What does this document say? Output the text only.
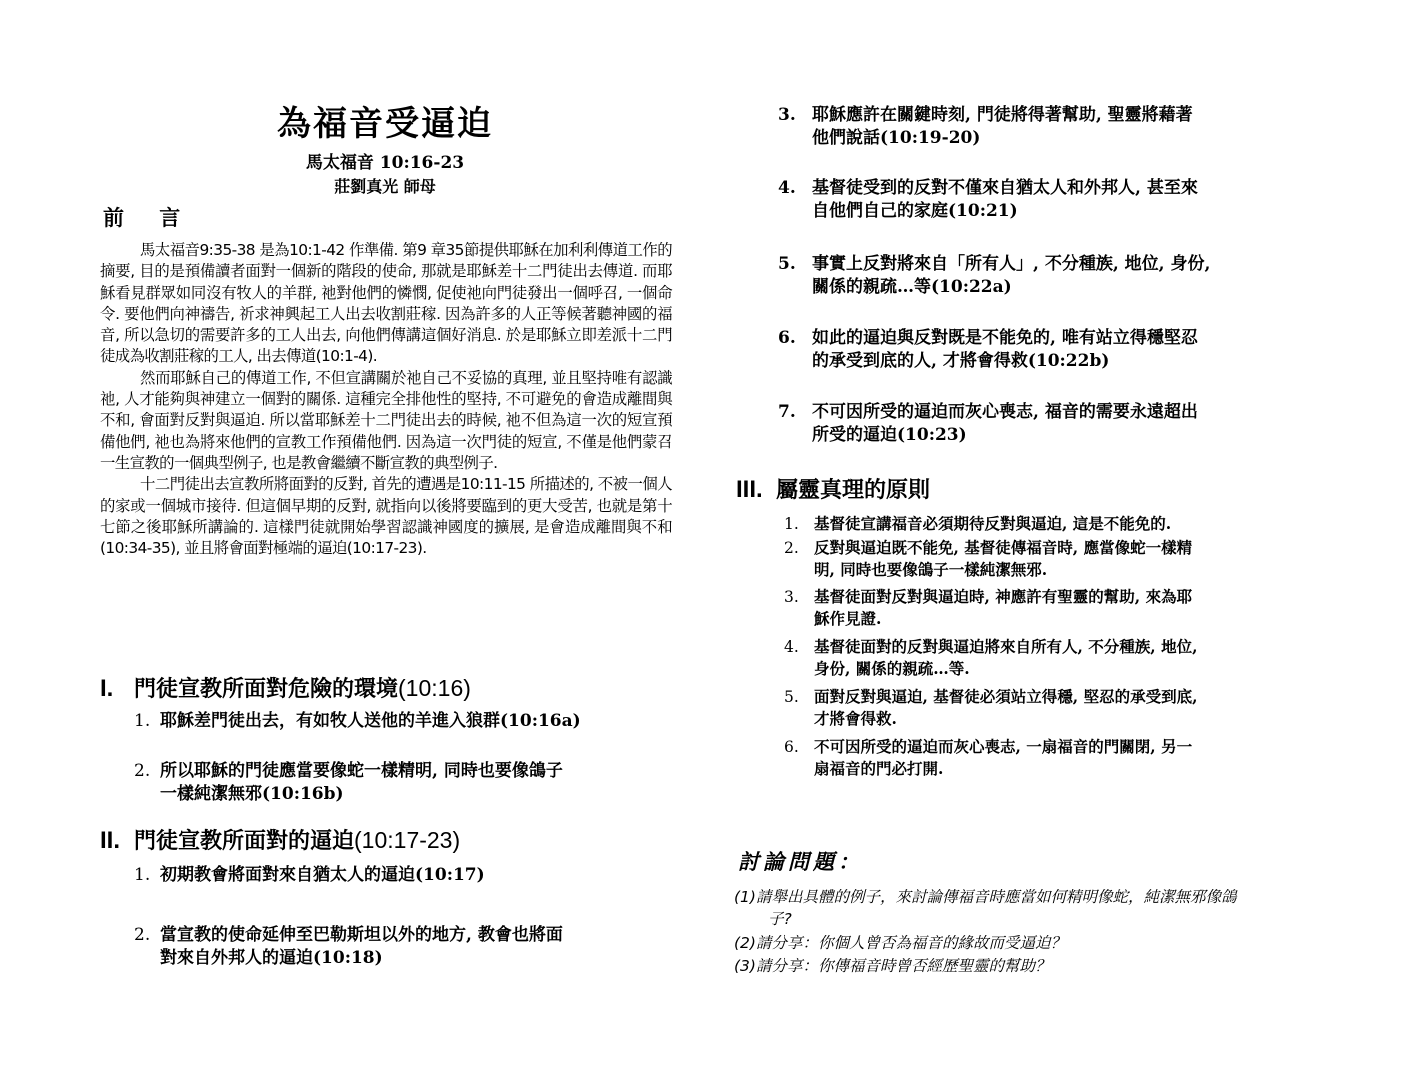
為福音受逼迫
馬太福音 10:16-23
莊劉真光 師母
前 言

馬太福音9:35-38 是為10:1-42 作準備. 第9 章35節提供耶穌在加利利傳道工作的摘要, 目的是預備讀者面對一個新的階段的使命, 那就是耶穌差十二門徒出去傳道. 而耶穌看見群眾如同沒有牧人的羊群, 祂對他們的憐憫, 促使祂向門徒發出一個呼召, 一個命令. 要他們向神禱告, 祈求神興起工人出去收割莊稼. 因為許多的人正等候著聽神國的福音, 所以急切的需要許多的工人出去, 向他們傳講這個好消息. 於是耶穌立即差派十二門徒成為收割莊稼的工人, 出去傳道(10:1-4).

然而耶穌自己的傳道工作, 不但宣講關於祂自己不妥協的真理, 並且堅持唯有認識祂, 人才能夠與神建立一個對的關係. 這種完全排他性的堅持, 不可避免的會造成離間與不和, 會面對反對與逼迫. 所以當耶穌差十二門徒出去的時候, 祂不但為這一次的短宣預備他們, 祂也為將來他們的宣教工作預備他們. 因為這一次門徒的短宣, 不僅是他們蒙召一生宣教的一個典型例子, 也是教會繼續不斷宣教的典型例子.

十二門徒出去宣教所將面對的反對, 首先的遭遇是10:11-15 所描述的, 不被一個人的家或一個城市接待. 但這個早期的反對, 就指向以後將要臨到的更大受苦, 也就是第十七節之後耶穌所講論的. 這樣門徒就開始學習認識神國度的擴展, 是會造成離間與不和(10:34-35), 並且將會面對極端的逼迫(10:17-23).

I. 門徒宣教所面對危險的環境(10:16)
1. 耶穌差門徒出去，有如牧人送他的羊進入狼群(10:16a)
2. 所以耶穌的門徒應當要像蛇一樣精明, 同時也要像鴿子
一樣純潔無邪(10:16b)
II. 門徒宣教所面對的逼迫(10:17-23)
1. 初期教會將面對來自猶太人的逼迫(10:17)
2. 當宣教的使命延伸至巴勒斯坦以外的地方, 教會也將面
對來自外邦人的逼迫(10:18)
3. 耶穌應許在關鍵時刻, 門徒將得著幫助, 聖靈將藉著
他們說話(10:19-20)
4. 基督徒受到的反對不僅來自猶太人和外邦人, 甚至來
自他們自己的家庭(10:21)
5. 事實上反對將來自「所有人」, 不分種族, 地位, 身份,
關係的親疏…等(10:22a)
6. 如此的逼迫與反對既是不能免的, 唯有站立得穩堅忍
的承受到底的人, 才將會得救(10:22b)
7. 不可因所受的逼迫而灰心喪志, 福音的需要永遠超出
所受的逼迫(10:23)
III. 屬靈真理的原則
1. 基督徒宣講福音必須期待反對與逼迫, 這是不能免的.
2. 反對與逼迫既不能免, 基督徒傳福音時, 應當像蛇一樣精
明, 同時也要像鴿子一樣純潔無邪.
3. 基督徒面對反對與逼迫時, 神應許有聖靈的幫助, 來為耶
穌作見證.
4. 基督徒面對的反對與逼迫將來自所有人, 不分種族, 地位,
身份, 關係的親疏…等.
5. 面對反對與逼迫, 基督徒必須站立得穩, 堅忍的承受到底,
才將會得救.
6. 不可因所受的逼迫而灰心喪志, 一扇福音的門關閉, 另一
扇福音的門必打開.
討論問題：
(1)請舉出具體的例子，來討論傳福音時應當如何精明像蛇，純潔無邪像鴿
子?
(2)請分享：你個人曾否為福音的緣故而受逼迫？
(3)請分享：你傳福音時曾否經歷聖靈的幫助？
